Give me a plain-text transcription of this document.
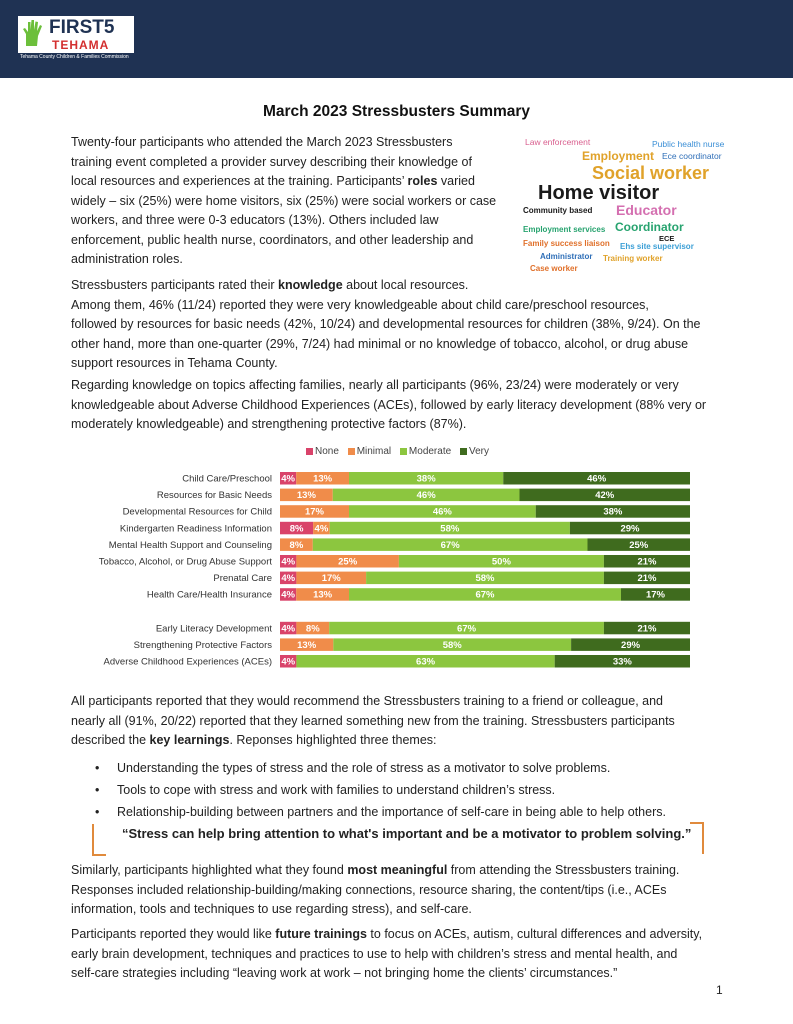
FIRST5
TEHAMA
Tehama County Children & Families Commission
March 2023 Stressbusters Summary
Twenty-four participants who attended the March 2023 Stressbusters
training event completed a provider survey describing their knowledge of
local resources and experiences at the training. Participants’ roles varied
widely – six (25%) were home visitors, six (25%) were social workers or case
workers, and three were 0-3 educators (13%). Others included law
enforcement, public health nurse, coordinators, and other leadership and
administration roles.
Law enforcement	Public health nurse
Employment Ece coordinator
Social worker
Home visitor
Community based Educator
Employment services Coordinator
ECE
Family success liaison Ehs site supervisor
Administrator Training worker
Case worker
Stressbusters participants rated their knowledge about local resources.
Among them, 46% (11/24) reported they were very knowledgeable about child care/preschool resources,
followed by resources for basic needs (42%, 10/24) and developmental resources for children (38%, 9/24). On the
other hand, more than one-quarter (29%, 7/24) had minimal or no knowledge of tobacco, alcohol, or drug abuse
support resources in Tehama County.
Regarding knowledge on topics affecting families, nearly all participants (96%, 23/24) were moderately or very
knowledgeable about Adverse Childhood Experiences (ACEs), followed by early literacy development (88% very or
moderately knowledgeable) and strengthening protective factors (87%).
None Minimal Moderate Very
Child Care/Preschool 4% 13%	38%	46%
Resources for Basic Needs	13%	46%	42%
Developmental Resources for Child	17%	46%	38%
Kindergarten Readiness Information 8% 4%	58%	29%
Mental Health Support and Counseling 8%	67%	25%
Tobacco, Alcohol, or Drug Abuse Support 4%	25%	50%	21%
Prenatal Care 4%	17%	58%	21%
Health Care/Health Insurance 4% 13%	67%	17%
Early Literacy Development 4% 8%	67%	21%
Strengthening Protective Factors	13%	58%	29%
Adverse Childhood Experiences (ACEs) 4%	63%	33%
All participants reported that they would recommend the Stressbusters training to a friend or colleague, and
nearly all (91%, 20/22) reported that they learned something new from the training. Stressbusters participants
described the key learnings. Reponses highlighted three themes:
• Understanding the types of stress and the role of stress as a motivator to solve problems.
• Tools to cope with stress and work with families to understand children’s stress.
• Relationship-building between partners and the importance of self-care in being able to help others.
“Stress can help bring attention to what's important and be a motivator to problem solving.”
Similarly, participants highlighted what they found most meaningful from attending the Stressbusters training.
Responses included relationship-building/making connections, resource sharing, the content/tips (i.e., ACEs
information, tools and techniques to use regarding stress), and self-care.
Participants reported they would like future trainings to focus on ACEs, autism, cultural differences and adversity,
early brain development, techniques and practices to use to help with children’s stress and mental health, and
self-care strategies including “leaving work at work – not bringing home the clients’ circumstances.”
1
